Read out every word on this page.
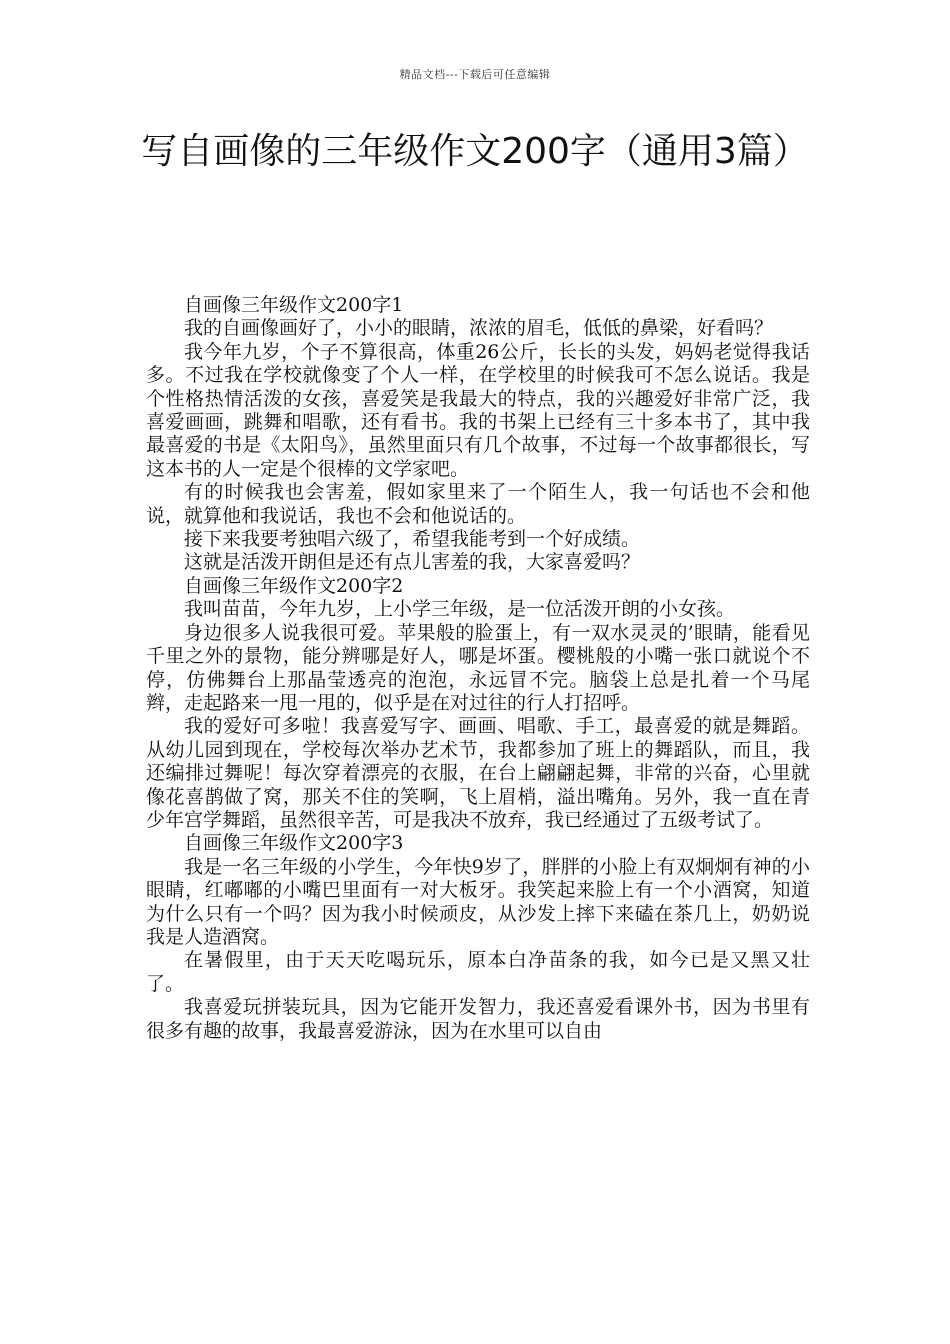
精品文档---下载后可任意编辑
写自画像的三年级作文200字（通用3篇）

自画像三年级作文200字1

我的自画像画好了，小小的眼睛，浓浓的眉毛，低低的鼻梁，好看吗？

我今年九岁，个子不算很高，体重26公斤，长长的头发，妈妈老觉得我话多。不过我在学校就像变了个人一样，在学校里的时候我可不怎么说话。我是个性格热情活泼的女孩，喜爱笑是我最大的特点，我的兴趣爱好非常广泛，我喜爱画画，跳舞和唱歌，还有看书。我的书架上已经有三十多本书了，其中我最喜爱的书是《太阳鸟》，虽然里面只有几个故事，不过每一个故事都很长，写这本书的人一定是个很棒的文学家吧。

有的时候我也会害羞，假如家里来了一个陌生人，我一句话也不会和他说，就算他和我说话，我也不会和他说话的。

接下来我要考独唱六级了，希望我能考到一个好成绩。

这就是活泼开朗但是还有点儿害羞的我，大家喜爱吗？

自画像三年级作文200字2

我叫苗苗，今年九岁，上小学三年级，是一位活泼开朗的小女孩。

身边很多人说我很可爱。苹果般的脸蛋上，有一双水灵灵的’眼睛，能看见千里之外的景物，能分辨哪是好人，哪是坏蛋。樱桃般的小嘴一张口就说个不停，仿佛舞台上那晶莹透亮的泡泡，永远冒不完。脑袋上总是扎着一个马尾辫，走起路来一甩一甩的，似乎是在对过往的行人打招呼。

我的爱好可多啦！我喜爱写字、画画、唱歌、手工，最喜爱的就是舞蹈。从幼儿园到现在，学校每次举办艺术节，我都参加了班上的舞蹈队，而且，我还编排过舞呢！每次穿着漂亮的衣服，在台上翩翩起舞，非常的兴奋，心里就像花喜鹊做了窝，那关不住的笑啊，飞上眉梢，溢出嘴角。另外，我一直在青少年宫学舞蹈，虽然很辛苦，可是我决不放弃，我已经通过了五级考试了。

自画像三年级作文200字3

我是一名三年级的小学生，今年快9岁了，胖胖的小脸上有双炯炯有神的小眼睛，红嘟嘟的小嘴巴里面有一对大板牙。我笑起来脸上有一个小酒窝，知道为什么只有一个吗？因为我小时候顽皮，从沙发上摔下来磕在茶几上，奶奶说我是人造酒窝。

在暑假里，由于天天吃喝玩乐，原本白净苗条的我，如今已是又黑又壮了。

我喜爱玩拼装玩具，因为它能开发智力，我还喜爱看课外书，因为书里有很多有趣的故事，我最喜爱游泳，因为在水里可以自由
